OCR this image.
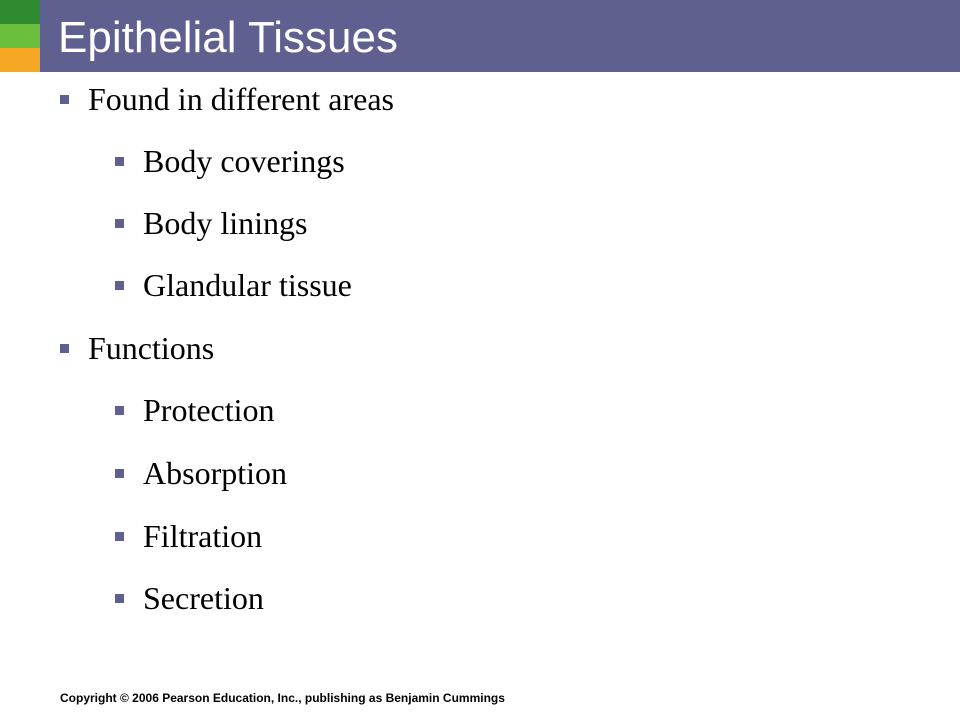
Epithelial Tissues
Found in different areas
Body coverings
Body linings
Glandular tissue
Functions
Protection
Absorption
Filtration
Secretion
Copyright © 2006 Pearson Education, Inc., publishing as Benjamin Cummings
